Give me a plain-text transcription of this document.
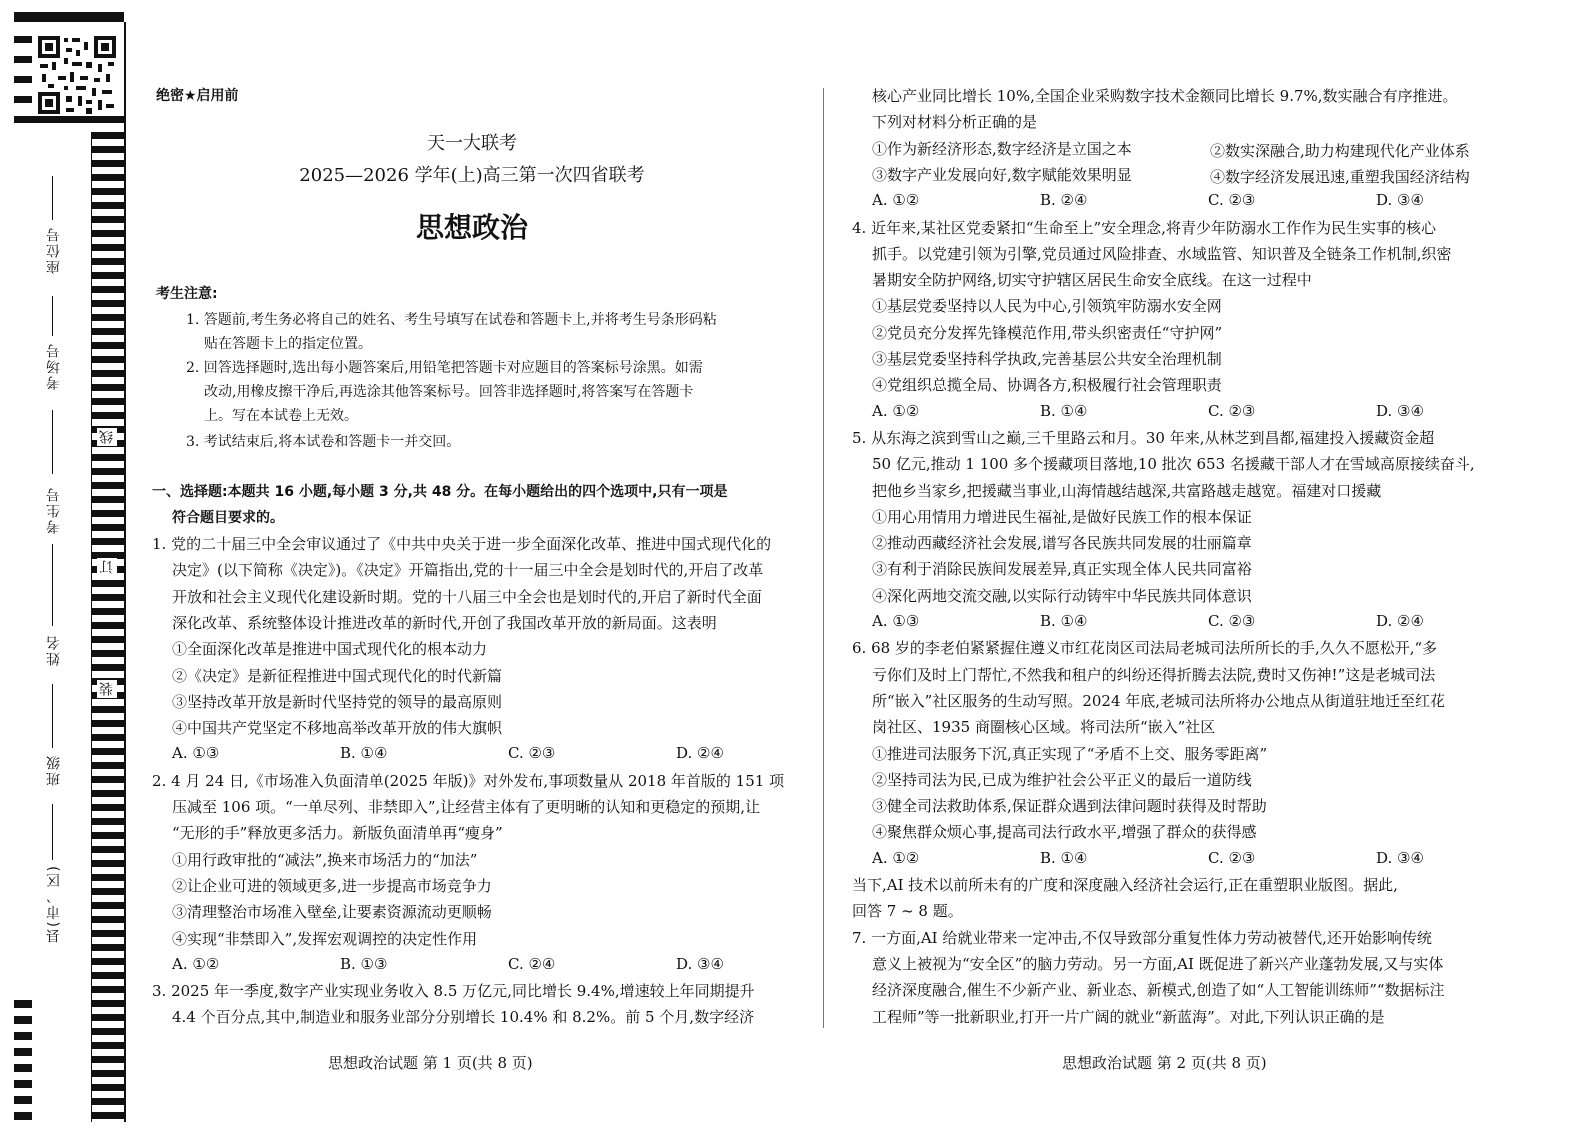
座位号
考场号
考生号
姓名
班级
县(市、区)
线
订
装
绝密★启用前
天一大联考
2025—2026 学年(上)高三第一次四省联考
思想政治
考生注意:
1. 答题前,考生务必将自己的姓名、考生号填写在试卷和答题卡上,并将考生号条形码粘
贴在答题卡上的指定位置。
2. 回答选择题时,选出每小题答案后,用铅笔把答题卡对应题目的答案标号涂黑。如需
改动,用橡皮擦干净后,再选涂其他答案标号。回答非选择题时,将答案写在答题卡
上。写在本试卷上无效。
3. 考试结束后,将本试卷和答题卡一并交回。
一、选择题:本题共 16 小题,每小题 3 分,共 48 分。在每小题给出的四个选项中,只有一项是
符合题目要求的。
1. 党的二十届三中全会审议通过了《中共中央关于进一步全面深化改革、推进中国式现代化的
决定》(以下简称《决定》)。《决定》开篇指出,党的十一届三中全会是划时代的,开启了改革
开放和社会主义现代化建设新时期。党的十八届三中全会也是划时代的,开启了新时代全面
深化改革、系统整体设计推进改革的新时代,开创了我国改革开放的新局面。这表明
①全面深化改革是推进中国式现代化的根本动力
②《决定》是新征程推进中国式现代化的时代新篇
③坚持改革开放是新时代坚持党的领导的最高原则
④中国共产党坚定不移地高举改革开放的伟大旗帜
A. ①③	B. ①④	C. ②③	D. ②④
2. 4 月 24 日,《市场准入负面清单(2025 年版)》对外发布,事项数量从 2018 年首版的 151 项
压减至 106 项。“一单尽列、非禁即入”,让经营主体有了更明晰的认知和更稳定的预期,让
“无形的手”释放更多活力。新版负面清单再“瘦身”
①用行政审批的“减法”,换来市场活力的“加法”
②让企业可进的领域更多,进一步提高市场竞争力
③清理整治市场准入壁垒,让要素资源流动更顺畅
④实现“非禁即入”,发挥宏观调控的决定性作用
A. ①②	B. ①③	C. ②④	D. ③④
3. 2025 年一季度,数字产业实现业务收入 8.5 万亿元,同比增长 9.4%,增速较上年同期提升
4.4 个百分点,其中,制造业和服务业部分分别增长 10.4% 和 8.2%。前 5 个月,数字经济
思想政治试题 第 1 页(共 8 页)
核心产业同比增长 10%,全国企业采购数字技术金额同比增长 9.7%,数实融合有序推进。
下列对材料分析正确的是
①作为新经济形态,数字经济是立国之本
③数字产业发展向好,数字赋能效果明显
A. ①②	B. ②④	C. ②③	D. ③④
4. 近年来,某社区党委紧扣“生命至上”安全理念,将青少年防溺水工作作为民生实事的核心
抓手。以党建引领为引擎,党员通过风险排查、水域监管、知识普及全链条工作机制,织密
暑期安全防护网络,切实守护辖区居民生命安全底线。在这一过程中
①基层党委坚持以人民为中心,引领筑牢防溺水安全网
②党员充分发挥先锋模范作用,带头织密责任“守护网”
③基层党委坚持科学执政,完善基层公共安全治理机制
④党组织总揽全局、协调各方,积极履行社会管理职责
A. ①②	B. ①④	C. ②③	D. ③④
5. 从东海之滨到雪山之巅,三千里路云和月。30 年来,从林芝到昌都,福建投入援藏资金超
50 亿元,推动 1 100 多个援藏项目落地,10 批次 653 名援藏干部人才在雪域高原接续奋斗,
把他乡当家乡,把援藏当事业,山海情越结越深,共富路越走越宽。福建对口援藏
①用心用情用力增进民生福祉,是做好民族工作的根本保证
②推动西藏经济社会发展,谱写各民族共同发展的壮丽篇章
③有利于消除民族间发展差异,真正实现全体人民共同富裕
④深化两地交流交融,以实际行动铸牢中华民族共同体意识
A. ①③	B. ①④	C. ②③	D. ②④
6. 68 岁的李老伯紧紧握住遵义市红花岗区司法局老城司法所所长的手,久久不愿松开,“多
亏你们及时上门帮忙,不然我和租户的纠纷还得折腾去法院,费时又伤神!”这是老城司法
所“嵌入”社区服务的生动写照。2024 年底,老城司法所将办公地点从街道驻地迁至红花
岗社区、1935 商圈核心区域。将司法所“嵌入”社区
①推进司法服务下沉,真正实现了“矛盾不上交、服务零距离”
②坚持司法为民,已成为维护社会公平正义的最后一道防线
③健全司法救助体系,保证群众遇到法律问题时获得及时帮助
④聚焦群众烦心事,提高司法行政水平,增强了群众的获得感
A. ①②	B. ①④	C. ②③	D. ③④
当下,AI 技术以前所未有的广度和深度融入经济社会运行,正在重塑职业版图。据此,
回答 7 ~ 8 题。
7. 一方面,AI 给就业带来一定冲击,不仅导致部分重复性体力劳动被替代,还开始影响传统
意义上被视为“安全区”的脑力劳动。另一方面,AI 既促进了新兴产业蓬勃发展,又与实体
经济深度融合,催生不少新产业、新业态、新模式,创造了如“人工智能训练师”“数据标注
工程师”等一批新职业,打开一片广阔的就业“新蓝海”。对此,下列认识正确的是
②数实深融合,助力构建现代化产业体系
④数字经济发展迅速,重塑我国经济结构
思想政治试题 第 2 页(共 8 页)
